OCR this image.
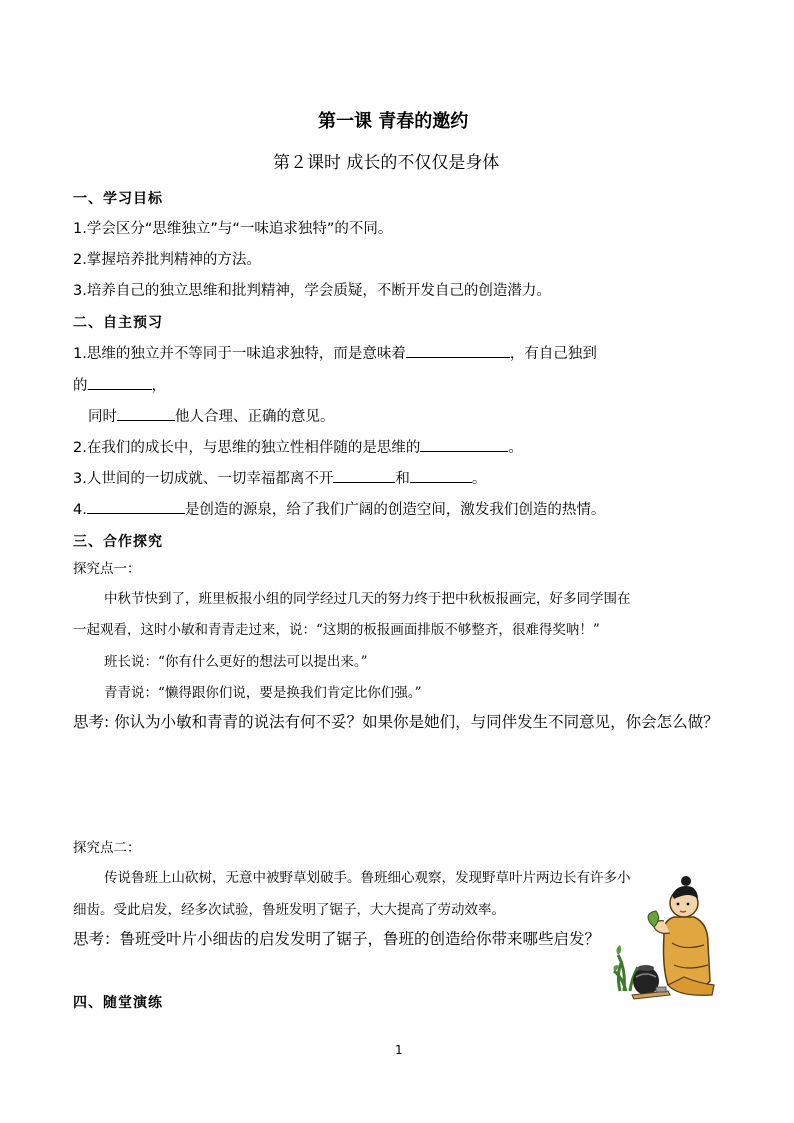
第一课 青春的邀约
第２课时 成长的不仅仅是身体
一、学习目标
1.学会区分“思维独立”与“一味追求独特”的不同。
2.掌握培养批判精神的方法。
3.培养自己的独立思维和批判精神，学会质疑，不断开发自己的创造潜力。
二、自主预习
1.思维的独立并不等同于一味追求独特，而是意味着	，有自己独到
的	，
同时	他人合理、正确的意见。
2.在我们的成长中，与思维的独立性相伴随的是思维的	。
3.人世间的一切成就、一切幸福都离不开	和	。
4.	是创造的源泉，给了我们广阔的创造空间，激发我们创造的热情。
三、合作探究
探究点一：
中秋节快到了，班里板报小组的同学经过几天的努力终于把中秋板报画完，好多同学围在
一起观看，这时小敏和青青走过来，说：“这期的板报画面排版不够整齐，很难得奖呐！”
班长说：“你有什么更好的想法可以提出来。”
青青说：“懒得跟你们说，要是换我们肯定比你们强。”
思考: 你认为小敏和青青的说法有何不妥？如果你是她们，与同伴发生不同意见，你会怎么做？
探究点二：
传说鲁班上山砍树，无意中被野草划破手。鲁班细心观察，发现野草叶片两边长有许多小
细齿。受此启发，经多次试验，鲁班发明了锯子，大大提高了劳动效率。
思考：鲁班受叶片小细齿的启发发明了锯子，鲁班的创造给你带来哪些启发？
四、随堂演练
1
